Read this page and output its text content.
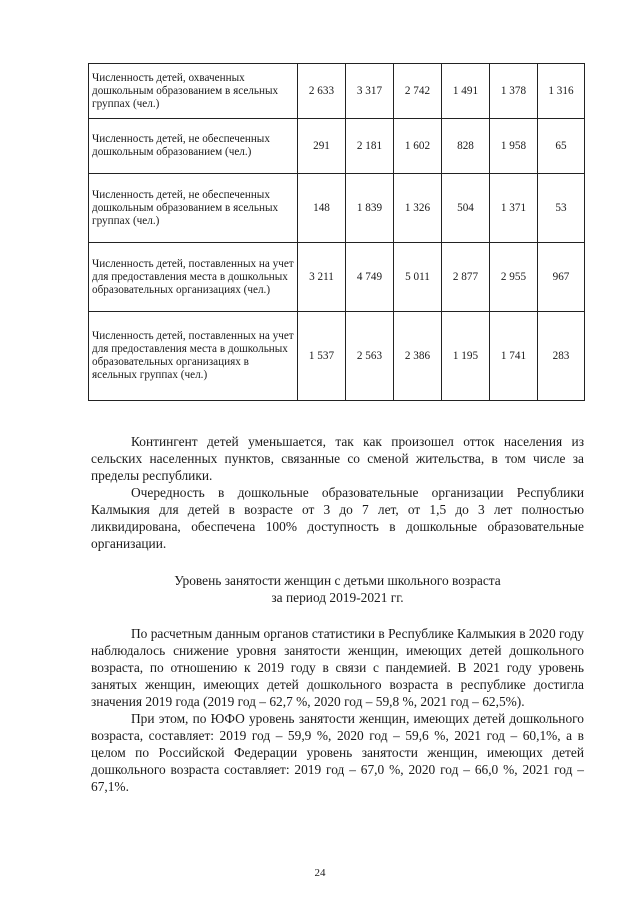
Численность детей, охваченных дошкольным образованием в ясельных группах (чел.)	2 633	3 317	2 742	1 491	1 378	1 316
Численность детей, не обеспеченных дошкольным образованием (чел.)	291	2 181	1 602	828	1 958	65
Численность детей, не обеспеченных дошкольным образованием в ясельных группах (чел.)	148	1 839	1 326	504	1 371	53
Численность детей, поставленных на учет для предоставления места в дошкольных образовательных организациях (чел.)	3 211	4 749	5 011	2 877	2 955	967
Численность детей, поставленных на учет для предоставления места в дошкольных образовательных организациях в ясельных группах (чел.)	1 537	2 563	2 386	1 195	1 741	283

Контингент детей уменьшается, так как произошел отток населения из сельских населенных пунктов, связанные со сменой жительства, в том числе за пределы республики.

Очередность в дошкольные образовательные организации Республики Калмыкия для детей в возрасте от 3 до 7 лет, от 1,5 до 3 лет полностью ликвидирована, обеспечена 100% доступность в дошкольные образовательные организации.

Уровень занятости женщин с детьми школьного возраста
за период 2019-2021 гг.

По расчетным данным органов статистики в Республике Калмыкия в 2020 году наблюдалось снижение уровня занятости женщин, имеющих детей дошкольного возраста, по отношению к 2019 году в связи с пандемией. В 2021 году уровень занятых женщин, имеющих детей дошкольного возраста в республике достигла значения 2019 года (2019 год – 62,7 %, 2020 год – 59,8 %, 2021 год – 62,5%).

При этом, по ЮФО уровень занятости женщин, имеющих детей дошкольного возраста, составляет: 2019 год – 59,9 %, 2020 год – 59,6 %, 2021 год – 60,1%, а в целом по Российской Федерации уровень занятости женщин, имеющих детей дошкольного возраста составляет: 2019 год – 67,0 %, 2020 год – 66,0 %, 2021 год – 67,1%.

24
